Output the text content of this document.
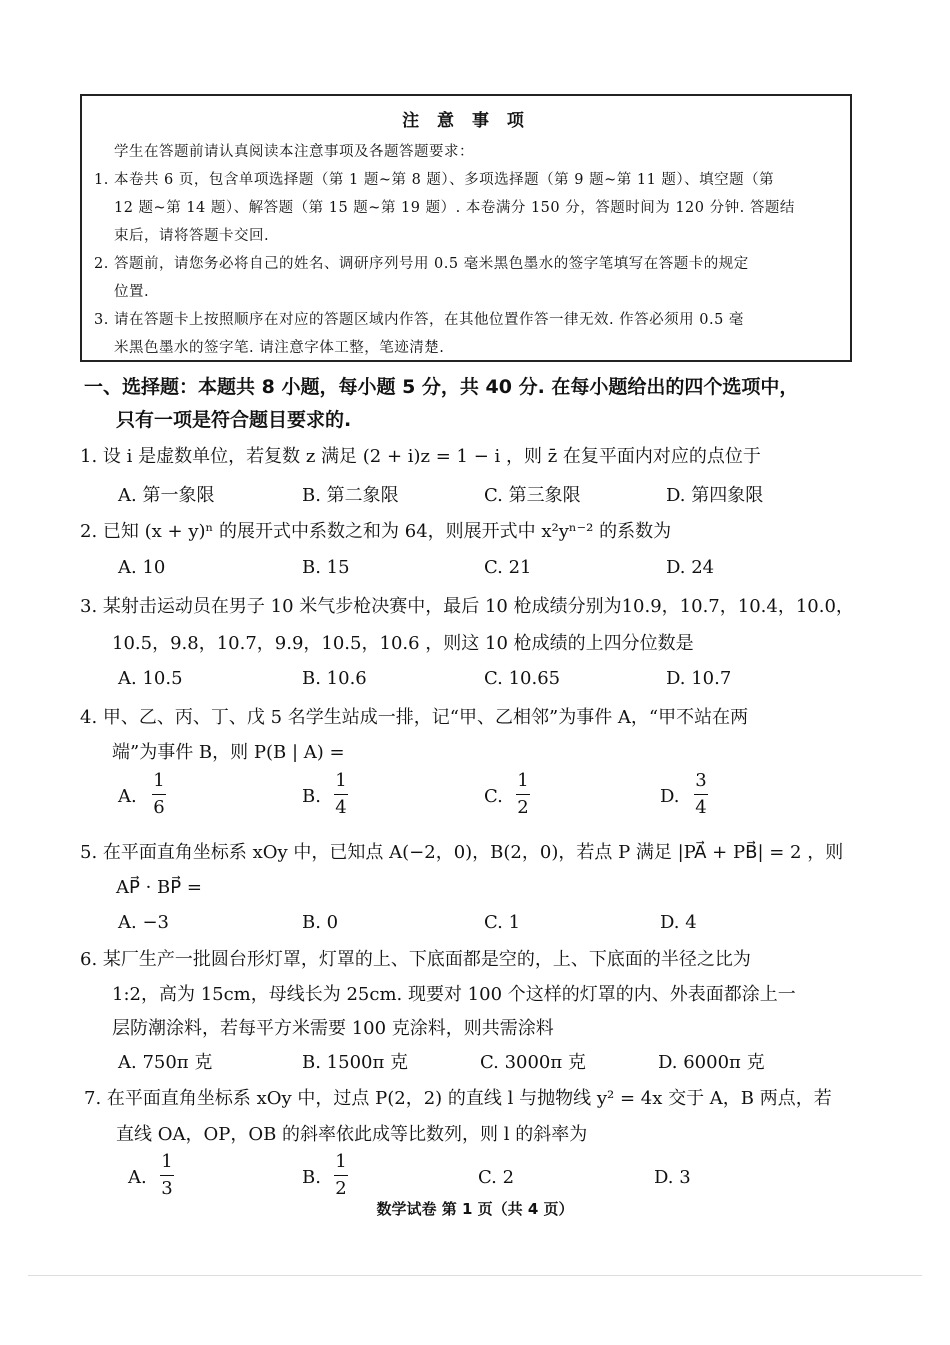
注 意 事 项
学生在答题前请认真阅读本注意事项及各题答题要求：
1. 本卷共 6 页，包含单项选择题（第 1 题~第 8 题）、多项选择题（第 9 题~第 11 题）、填空题（第
12 题~第 14 题）、解答题（第 15 题~第 19 题）. 本卷满分 150 分，答题时间为 120 分钟. 答题结
束后，请将答题卡交回.
2. 答题前，请您务必将自己的姓名、调研序列号用 0.5 毫米黑色墨水的签字笔填写在答题卡的规定
位置.
3. 请在答题卡上按照顺序在对应的答题区域内作答，在其他位置作答一律无效. 作答必须用 0.5 毫
米黑色墨水的签字笔. 请注意字体工整，笔迹清楚.
一、选择题：本题共 8 小题，每小题 5 分，共 40 分. 在每小题给出的四个选项中，
只有一项是符合题目要求的.
1. 设 i 是虚数单位，若复数 z 满足 (2 + i)z = 1 − i ，则 z̄ 在复平面内对应的点位于
A. 第一象限	B. 第二象限	C. 第三象限	D. 第四象限
2. 已知 (x + y)ⁿ 的展开式中系数之和为 64，则展开式中 x²yⁿ⁻² 的系数为
A. 10	B. 15	C. 21	D. 24
3. 某射击运动员在男子 10 米气步枪决赛中，最后 10 枪成绩分别为10.9，10.7，10.4，10.0，
10.5，9.8，10.7，9.9，10.5，10.6 ，则这 10 枪成绩的上四分位数是
A. 10.5	B. 10.6	C. 10.65	D. 10.7
4. 甲、乙、丙、丁、戊 5 名学生站成一排，记“甲、乙相邻”为事件 A，“甲不站在两
端”为事件 B，则 P(B | A) =
A.
1
6
B.
1
4
C.
1
2
D.
3
4
5. 在平面直角坐标系 xOy 中，已知点 A(−2，0)，B(2，0)，若点 P 满足 |PA⃗ + PB⃗| = 2 ，则
AP⃗ · BP⃗ =
A. −3	B. 0	C. 1	D. 4
6. 某厂生产一批圆台形灯罩，灯罩的上、下底面都是空的，上、下底面的半径之比为
1:2，高为 15cm，母线长为 25cm. 现要对 100 个这样的灯罩的内、外表面都涂上一
层防潮涂料，若每平方米需要 100 克涂料，则共需涂料
A. 750π 克	B. 1500π 克	C. 3000π 克	D. 6000π 克
7. 在平面直角坐标系 xOy 中，过点 P(2，2) 的直线 l 与抛物线 y² = 4x 交于 A，B 两点，若
直线 OA，OP，OB 的斜率依此成等比数列，则 l 的斜率为
A.
1
3
B.
1
2
C. 2	D. 3
数学试卷 第 1 页（共 4 页）
